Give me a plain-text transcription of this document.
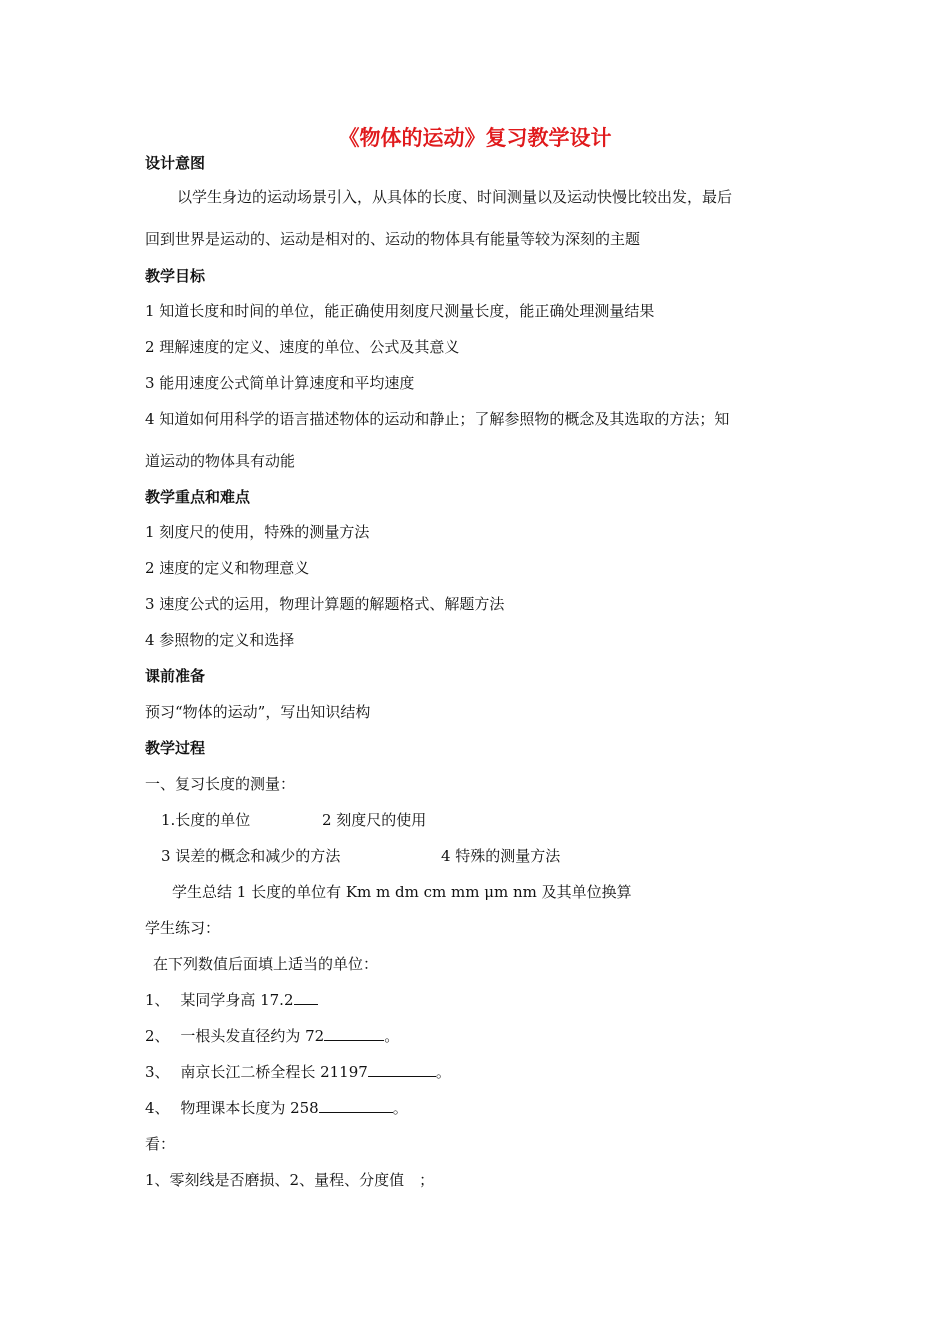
《物体的运动》复习教学设计
设计意图
以学生身边的运动场景引入，从具体的长度、时间测量以及运动快慢比较出发，最后
回到世界是运动的、运动是相对的、运动的物体具有能量等较为深刻的主题
教学目标
1 知道长度和时间的单位，能正确使用刻度尺测量长度，能正确处理测量结果
2 理解速度的定义、速度的单位、公式及其意义
3 能用速度公式简单计算速度和平均速度
4 知道如何用科学的语言描述物体的运动和静止；了解参照物的概念及其选取的方法；知
道运动的物体具有动能
教学重点和难点
1 刻度尺的使用，特殊的测量方法
2 速度的定义和物理意义
3 速度公式的运用，物理计算题的解题格式、解题方法
4 参照物的定义和选择
课前准备
预习“物体的运动”，写出知识结构
教学过程
一、复习长度的测量：
1.长度的单位	2 刻度尺的使用
3 误差的概念和减少的方法	4 特殊的测量方法
学生总结 1 长度的单位有 Km m dm cm mm μm nm 及其单位换算
学生练习：
在下列数值后面填上适当的单位：
1、 某同学身高 17.2
2、 一根头发直径约为 72	。
3、 南京长江二桥全程长 21197	。
4、 物理课本长度为 258	。
看：
1、零刻线是否磨损、2、量程、分度值　；
